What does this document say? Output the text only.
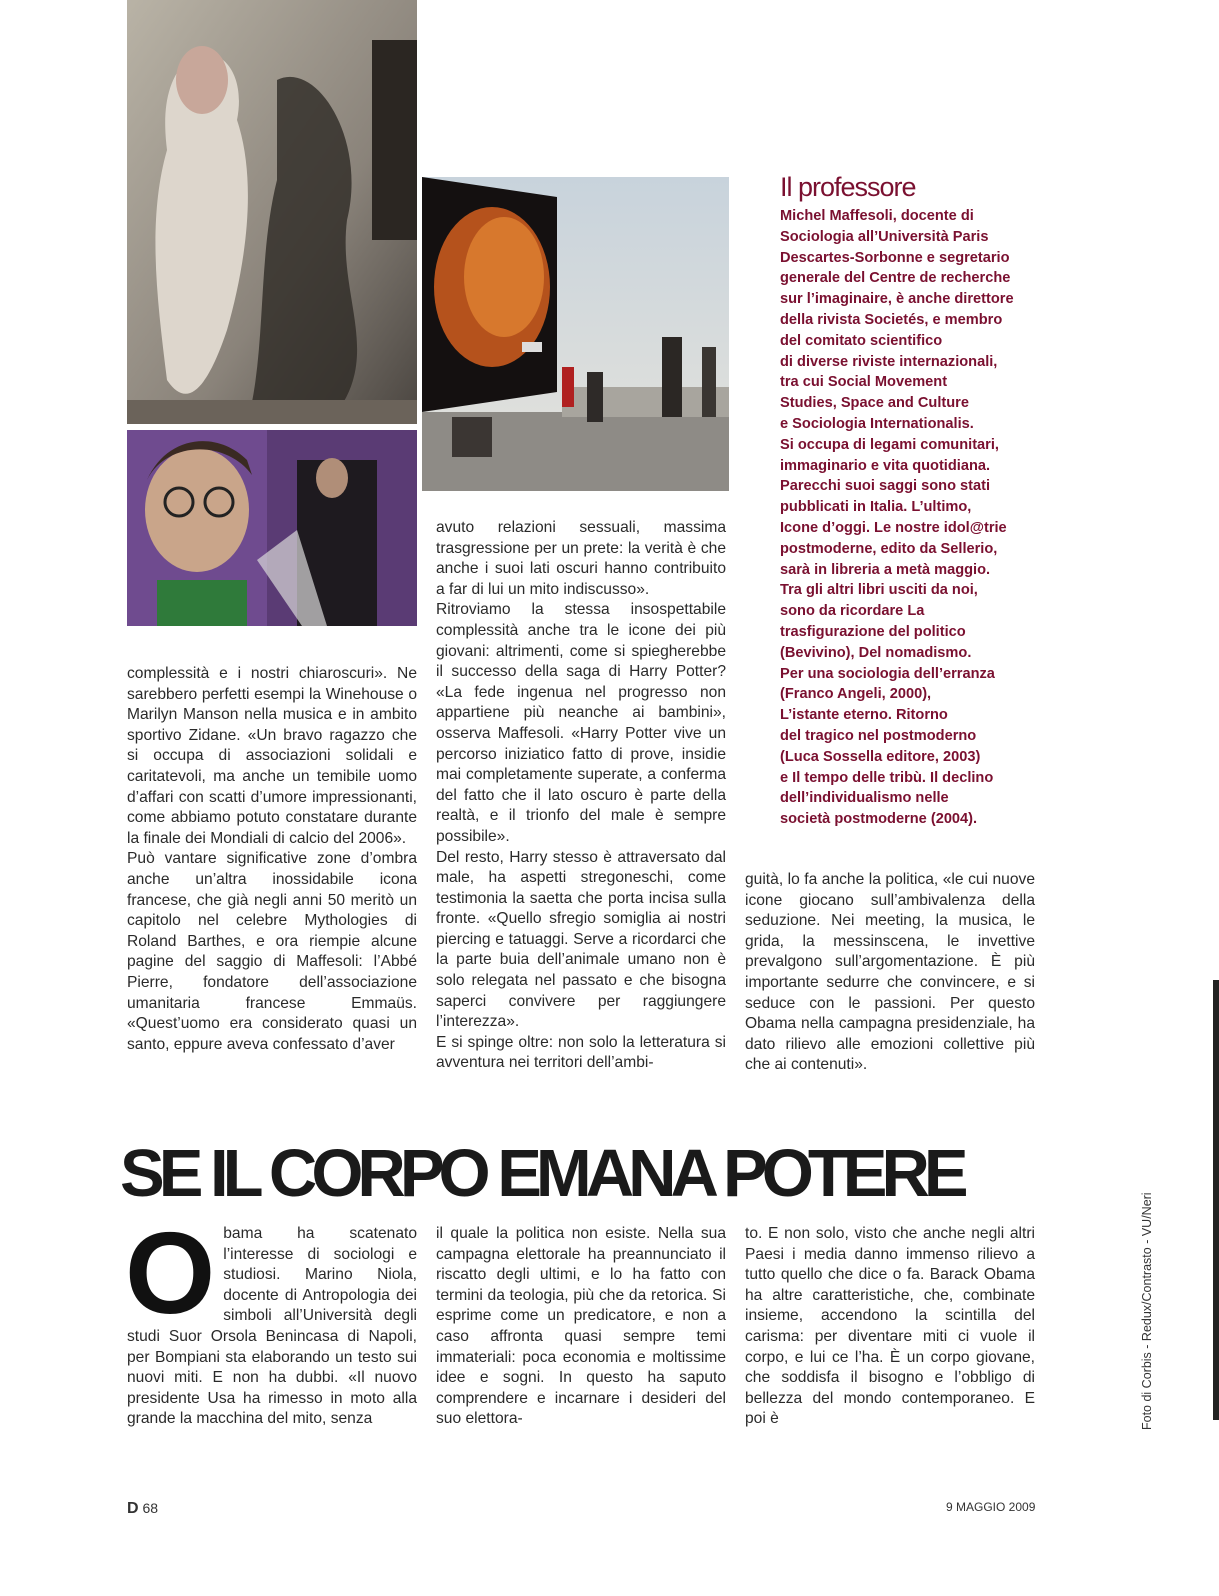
complessità e i nostri chiaroscuri». Ne sarebbero perfetti esempi la Winehouse o Marilyn Manson nella musica e in ambito sportivo Zidane. «Un bravo ragazzo che si occupa di associazioni solidali e caritatevoli, ma anche un temibile uomo d’affari con scatti d’umore impressionanti, come abbiamo potuto constatare durante la finale dei Mondiali di calcio del 2006».

Può vantare significative zone d’ombra anche un’altra inossidabile icona francese, che già negli anni 50 meritò un capitolo nel celebre Mythologies di Roland Barthes, e ora riempie alcune pagine del saggio di Maffesoli: l’Abbé Pierre, fondatore dell’associazione umanitaria francese Emmaüs. «Quest’uomo era considerato quasi un santo, eppure aveva confessato d’aver

avuto relazioni sessuali, massima trasgressione per un prete: la verità è che anche i suoi lati oscuri hanno contribuito a far di lui un mito indiscusso».

Ritroviamo la stessa insospettabile complessità anche tra le icone dei più giovani: altrimenti, come si spiegherebbe il successo della saga di Harry Potter? «La fede ingenua nel progresso non appartiene più neanche ai bambini», osserva Maffesoli. «Harry Potter vive un percorso iniziatico fatto di prove, insidie mai completamente superate, a conferma del fatto che il lato oscuro è parte della realtà, e il trionfo del male è sempre possibile».

Del resto, Harry stesso è attraversato dal male, ha aspetti stregoneschi, come testimonia la saetta che porta incisa sulla fronte. «Quello sfregio somiglia ai nostri piercing e tatuaggi. Serve a ricordarci che la parte buia dell’animale umano non è solo relegata nel passato e che bisogna saperci convivere per raggiungere l’interezza».

E si spinge oltre: non solo la letteratura si avventura nei territori dell’ambi-

guità, lo fa anche la politica, «le cui nuove icone giocano sull’ambivalenza della seduzione. Nei meeting, la musica, le grida, la messinscena, le invettive prevalgono sull’argomentazione. È più importante sedurre che convincere, e si seduce con le passioni. Per questo Obama nella campagna presidenziale, ha dato rilievo alle emozioni collettive più che ai contenuti».

Il professore

Michel Maffesoli, docente di

Sociologia all’Università Paris

Descartes-Sorbonne e segretario

generale del Centre de recherche

sur l’imaginaire, è anche direttore

della rivista Societés, e membro

del comitato scientifico

di diverse riviste internazionali,

tra cui Social Movement

Studies, Space and Culture

e Sociologia Internationalis.

Si occupa di legami comunitari,

immaginario e vita quotidiana.

Parecchi suoi saggi sono stati

pubblicati in Italia. L’ultimo,

Icone d’oggi. Le nostre idol@trie

postmoderne, edito da Sellerio,

sarà in libreria a metà maggio.

Tra gli altri libri usciti da noi,

sono da ricordare La

trasfigurazione del politico

(Bevivino), Del nomadismo.

Per una sociologia dell’erranza

(Franco Angeli, 2000),

L’istante eterno. Ritorno

del tragico nel postmoderno

(Luca Sossella editore, 2003)

e Il tempo delle tribù. Il declino

dell’individualismo nelle

società postmoderne (2004).

SE IL CORPO EMANA POTERE
O bama ha scatenato l’interesse di sociologi e studiosi. Marino Niola, docente di Antropologia dei simboli all’Università degli studi Suor Orsola Benincasa di Napoli, per Bompiani sta elaborando un testo sui nuovi miti. E non ha dubbi. «Il nuovo presidente Usa ha rimesso in moto alla grande la macchina del mito, senza

il quale la politica non esiste. Nella sua campagna elettorale ha preannunciato il riscatto degli ultimi, e lo ha fatto con termini da teologia, più che da retorica. Si esprime come un predicatore, e non a caso affronta quasi sempre temi immateriali: poca economia e moltissime idee e sogni. In questo ha saputo comprendere e incarnare i desideri del suo elettora-

to. E non solo, visto che anche negli altri Paesi i media danno immenso rilievo a tutto quello che dice o fa. Barack Obama ha altre caratteristiche, che, combinate insieme, accendono la scintilla del carisma: per diventare miti ci vuole il corpo, e lui ce l’ha. È un corpo giovane, che soddisfa il bisogno e l’obbligo di bellezza del mondo contemporaneo. E poi è	Foto di Corbis - Redux/Contrasto - VU/Neri
D 68	9 MAGGIO 2009
